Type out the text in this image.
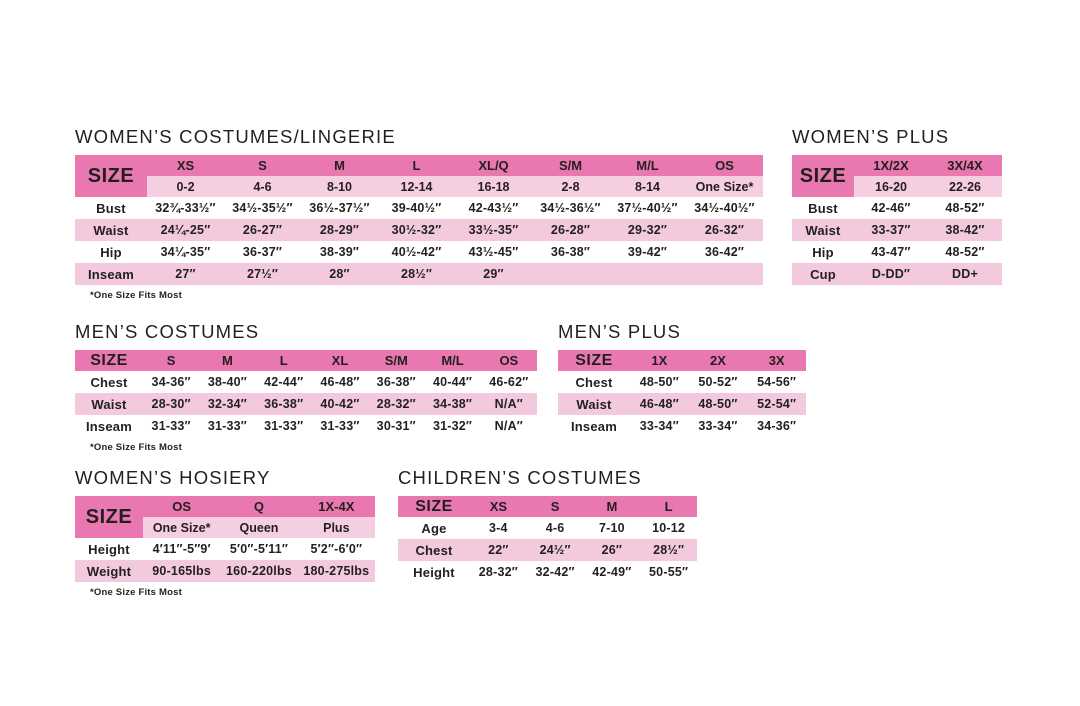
WOMEN’S COSTUMES/LINGERIE
SIZE	XS	S	M	L	XL/Q	S/M	M/L	OS
	0-2	4-6	8-10	12-14	16-18	2-8	8-14	One Size*
Bust	32¾-33½″	34½-35½″	36½-37½″	39-40½″	42-43½″	34½-36½″	37½-40½″	34½-40½″
Waist	24¼-25″	26-27″	28-29″	30½-32″	33½-35″	26-28″	29-32″	26-32″
Hip	34¼-35″	36-37″	38-39″	40½-42″	43½-45″	36-38″	39-42″	36-42″
Inseam	27″	27½″	28″	28½″	29″			
*One Size Fits Most
WOMEN’S PLUS
SIZE	1X/2X	3X/4X
	16-20	22-26
Bust	42-46″	48-52″
Waist	33-37″	38-42″
Hip	43-47″	48-52″
Cup	D-DD″	DD+
MEN’S COSTUMES
SIZE	S	M	L	XL	S/M	M/L	OS
Chest	34-36″	38-40″	42-44″	46-48″	36-38″	40-44″	46-62″
Waist	28-30″	32-34″	36-38″	40-42″	28-32″	34-38″	N/A″
Inseam	31-33″	31-33″	31-33″	31-33″	30-31″	31-32″	N/A″
*One Size Fits Most
MEN’S PLUS
SIZE	1X	2X	3X
Chest	48-50″	50-52″	54-56″
Waist	46-48″	48-50″	52-54″
Inseam	33-34″	33-34″	34-36″
WOMEN’S HOSIERY
SIZE	OS	Q	1X-4X
	One Size*	Queen	Plus
Height	4′11″-5″9′	5′0″-5′11″	5′2″-6′0″
Weight	90-165lbs	160-220lbs	180-275lbs
*One Size Fits Most
CHILDREN’S COSTUMES
SIZE	XS	S	M	L
Age	3-4	4-6	7-10	10-12
Chest	22″	24½″	26″	28½″
Height	28-32″	32-42″	42-49″	50-55″
